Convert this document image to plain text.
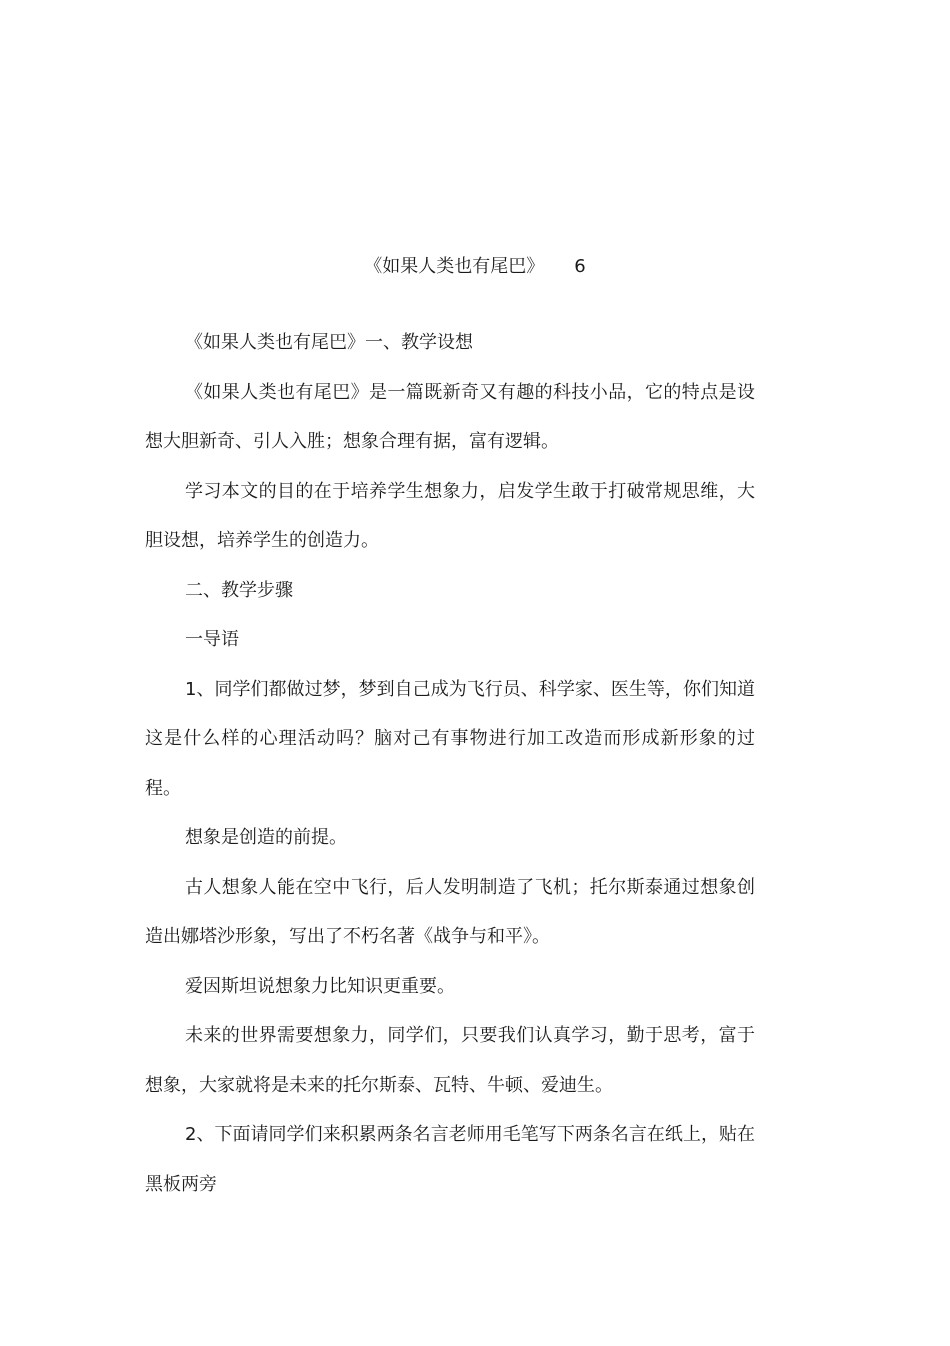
《如果人类也有尾巴》 6

《如果人类也有尾巴》一、教学设想

《如果人类也有尾巴》是一篇既新奇又有趣的科技小品，它的特点是设想大胆新奇、引人入胜；想象合理有据，富有逻辑。

学习本文的目的在于培养学生想象力，启发学生敢于打破常规思维，大胆设想，培养学生的创造力。

二、教学步骤

一导语

1、同学们都做过梦，梦到自己成为飞行员、科学家、医生等，你们知道这是什么样的心理活动吗？脑对己有事物进行加工改造而形成新形象的过程。

想象是创造的前提。

古人想象人能在空中飞行，后人发明制造了飞机；托尔斯泰通过想象创造出娜塔沙形象，写出了不朽名著《战争与和平》。

爱因斯坦说想象力比知识更重要。

未来的世界需要想象力，同学们，只要我们认真学习，勤于思考，富于想象，大家就将是未来的托尔斯泰、瓦特、牛顿、爱迪生。

2、下面请同学们来积累两条名言老师用毛笔写下两条名言在纸上，贴在黑板两旁
